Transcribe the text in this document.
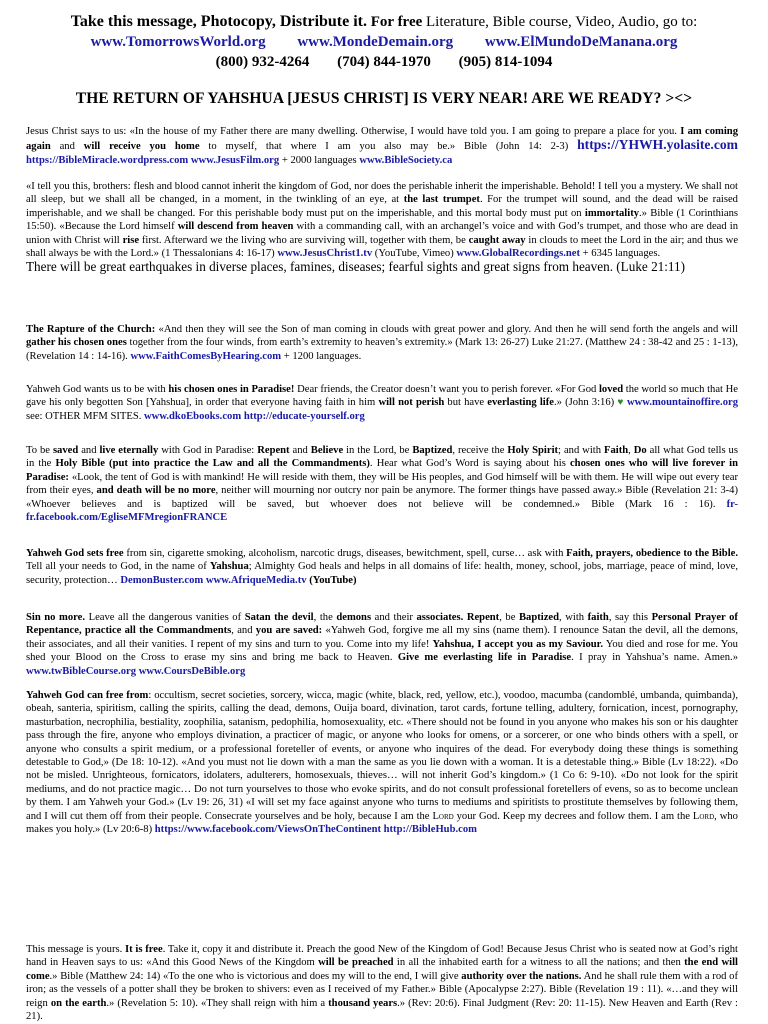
Take this message, Photocopy, Distribute it. For free Literature, Bible course, Video, Audio, go to:
www.TomorrowsWorld.org www.MondeDemain.org www.ElMundoDeManana.org
(800) 932-4264 (704) 844-1970 (905) 814-1094
THE RETURN OF YAHSHUA [JESUS CHRIST] IS VERY NEAR! ARE WE READY? ><>

Jesus Christ says to us: «In the house of my Father there are many dwelling. Otherwise, I would have told you. I am going to prepare a place for you. I am coming again and will receive you home to myself, that where I am you also may be.» Bible (John 14: 2-3) https://YHWH.yolasite.com https://BibleMiracle.wordpress.com www.JesusFilm.org + 2000 languages www.BibleSociety.ca

«I tell you this, brothers: flesh and blood cannot inherit the kingdom of God, nor does the perishable inherit the imperishable. Behold! I tell you a mystery. We shall not all sleep, but we shall all be changed, in a moment, in the twinkling of an eye, at the last trumpet. For the trumpet will sound, and the dead will be raised imperishable, and we shall be changed. For this perishable body must put on the imperishable, and this mortal body must put on immortality.» Bible (1 Corinthians 15:50). «Because the Lord himself will descend from heaven with a commanding call, with an archangel’s voice and with God’s trumpet, and those who are dead in union with Christ will rise first. Afterward we the living who are surviving will, together with them, be caught away in clouds to meet the Lord in the air; and thus we shall always be with the Lord.» (1 Thessalonians 4: 16-17) www.JesusChrist1.tv (YouTube, Vimeo) www.GlobalRecordings.net + 6345 languages.
There will be great earthquakes in diverse places, famines, diseases; fearful sights and great signs from heaven. (Luke 21:11)

The Rapture of the Church: «And then they will see the Son of man coming in clouds with great power and glory. And then he will send forth the angels and will gather his chosen ones together from the four winds, from earth’s extremity to heaven’s extremity.» (Mark 13: 26-27) Luke 21:27. (Matthew 24 : 38-42 and 25 : 1-13), (Revelation 14 : 14-16). www.FaithComesByHearing.com + 1200 languages.

Yahweh God wants us to be with his chosen ones in Paradise! Dear friends, the Creator doesn’t want you to perish forever. «For God loved the world so much that He gave his only begotten Son [Yahshua], in order that everyone having faith in him will not perish but have everlasting life.» (John 3:16) ♥ www.mountainoffire.org see: OTHER MFM SITES. www.dkoEbooks.com http://educate-yourself.org

To be saved and live eternally with God in Paradise: Repent and Believe in the Lord, be Baptized, receive the Holy Spirit; and with Faith, Do all what God tells us in the Holy Bible (put into practice the Law and all the Commandments). Hear what God’s Word is saying about his chosen ones who will live forever in Paradise: «Look, the tent of God is with mankind! He will reside with them, they will be His peoples, and God himself will be with them. He will wipe out every tear from their eyes, and death will be no more, neither will mourning nor outcry nor pain be anymore. The former things have passed away.» Bible (Revelation 21: 3-4) «Whoever believes and is baptized will be saved, but whoever does not believe will be condemned.» Bible (Mark 16 : 16). fr-fr.facebook.com/EgliseMFMregionFRANCE

Yahweh God sets free from sin, cigarette smoking, alcoholism, narcotic drugs, diseases, bewitchment, spell, curse… ask with Faith, prayers, obedience to the Bible. Tell all your needs to God, in the name of Yahshua; Almighty God heals and helps in all domains of life: health, money, school, jobs, marriage, peace of mind, love, security, protection… DemonBuster.com www.AfriqueMedia.tv (YouTube)

Sin no more. Leave all the dangerous vanities of Satan the devil, the demons and their associates. Repent, be Baptized, with faith, say this Personal Prayer of Repentance, practice all the Commandments, and you are saved: «Yahweh God, forgive me all my sins (name them). I renounce Satan the devil, all the demons, their associates, and all their vanities. I repent of my sins and turn to you. Come into my life! Yahshua, I accept you as my Saviour. You died and rose for me. You shed your Blood on the Cross to erase my sins and bring me back to Heaven. Give me everlasting life in Paradise. I pray in Yahshua’s name. Amen.» www.twBibleCourse.org www.CoursDeBible.org

Yahweh God can free from: occultism, secret societies, sorcery, wicca, magic (white, black, red, yellow, etc.), voodoo, macumba (candomblé, umbanda, quimbanda), obeah, santeria, spiritism, calling the spirits, calling the dead, demons, Ouija board, divination, tarot cards, fortune telling, adultery, fornication, incest, pornography, masturbation, necrophilia, bestiality, zoophilia, satanism, pedophilia, homosexuality, etc. «There should not be found in you anyone who makes his son or his daughter pass through the fire, anyone who employs divination, a practicer of magic, or anyone who looks for omens, or a sorcerer, or one who binds others with a spell, or anyone who consults a spirit medium, or a professional foreteller of events, or anyone who inquires of the dead. For everybody doing these things is something detestable to God,» (De 18: 10-12). «And you must not lie down with a man the same as you lie down with a woman. It is a detestable thing.» Bible (Lv 18:22). «Do not be misled. Unrighteous, fornicators, idolaters, adulterers, homosexuals, thieves… will not inherit God’s kingdom.» (1 Co 6: 9-10). «Do not look for the spirit mediums, and do not practice magic… Do not turn yourselves to those who evoke spirits, and do not consult professional foretellers of evens, so as to become unclean by them. I am Yahweh your God.» (Lv 19: 26, 31) «I will set my face against anyone who turns to mediums and spiritists to prostitute themselves by following them, and I will cut them off from their people. Consecrate yourselves and be holy, because I am the Lord your God. Keep my decrees and follow them. I am the Lord, who makes you holy.» (Lv 20:6-8) https://www.facebook.com/ViewsOnTheContinent http://BibleHub.com

This message is yours. It is free. Take it, copy it and distribute it. Preach the good New of the Kingdom of God! Because Jesus Christ who is seated now at God’s right hand in Heaven says to us: «And this Good News of the Kingdom will be preached in all the inhabited earth for a witness to all the nations; and then the end will come.» Bible (Matthew 24: 14) «To the one who is victorious and does my will to the end, I will give authority over the nations. And he shall rule them with a rod of iron; as the vessels of a potter shall they be broken to shivers: even as I received of my Father.» Bible (Apocalypse 2:27). Bible (Revelation 19 : 11). «…and they will reign on the earth.» (Revelation 5: 10). «They shall reign with him a thousand years.» (Rev: 20:6). Final Judgment (Rev: 20: 11-15). New Heaven and Earth (Rev : 21).
